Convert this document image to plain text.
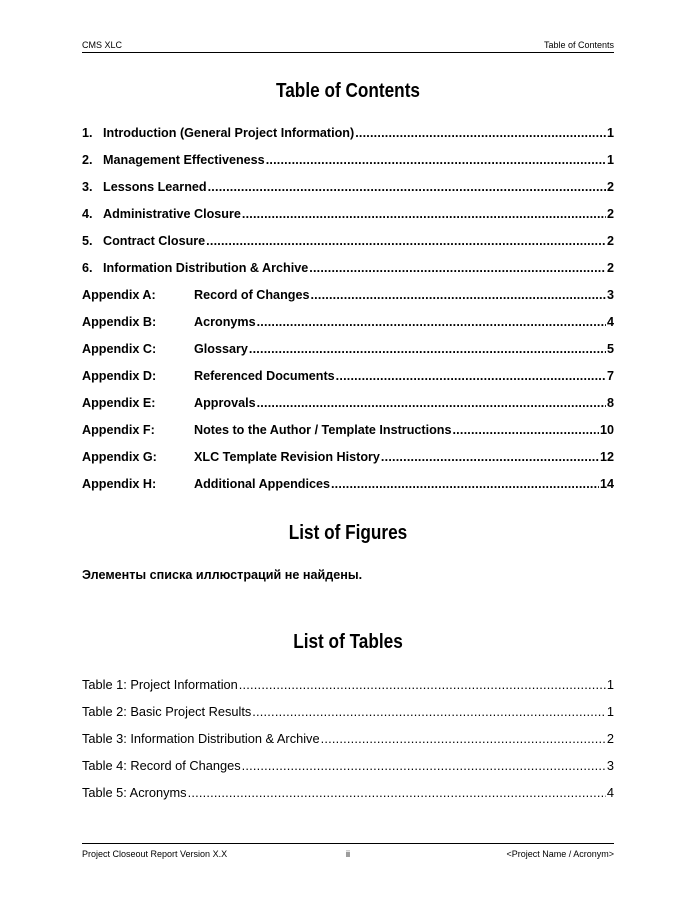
CMS XLC	Table of Contents
Table of Contents
1. Introduction (General Project Information) .....	1
2. Management Effectiveness .....	1
3. Lessons Learned .....	2
4. Administrative Closure .....	2
5. Contract Closure .....	2
6. Information Distribution & Archive .....	2
Appendix A:	Record of Changes .....	3
Appendix B:	Acronyms .....	4
Appendix C:	Glossary .....	5
Appendix D:	Referenced Documents .....	7
Appendix E:	Approvals .....	8
Appendix F:	Notes to the Author / Template Instructions .....	10
Appendix G:	XLC Template Revision History .....	12
Appendix H:	Additional Appendices .....	14
List of Figures
Элементы списка иллюстраций не найдены.
List of Tables
Table 1: Project Information .....	1
Table 2: Basic Project Results .....	1
Table 3: Information Distribution & Archive .....	2
Table 4: Record of Changes .....	3
Table 5: Acronyms .....	4
Project Closeout Report Version X.X	ii	<Project Name / Acronym>
